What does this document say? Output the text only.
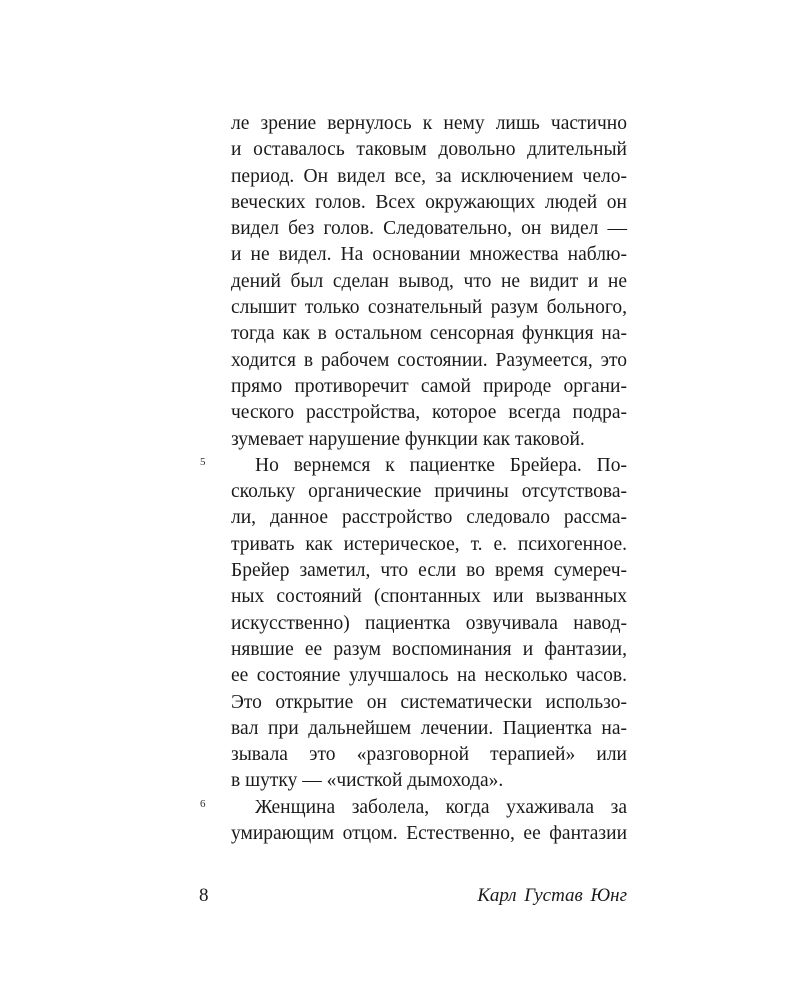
ле зрение вернулось к нему лишь частично
и оставалось таковым довольно длительный
период. Он видел все, за исключением чело-
веческих голов. Всех окружающих людей он
видел без голов. Следовательно, он видел —
и не видел. На основании множества наблю-
дений был сделан вывод, что не видит и не
слышит только сознательный разум больного,
тогда как в остальном сенсорная функция на-
ходится в рабочем состоянии. Разумеется, это
прямо противоречит самой природе органи-
ческого расстройства, которое всегда подра-
зумевает нарушение функции как таковой.
5	Но вернемся к пациентке Брейера. По-
скольку органические причины отсутствова-
ли, данное расстройство следовало рассма-
тривать как истерическое, т. е. психогенное.
Брейер заметил, что если во время сумереч-
ных состояний (спонтанных или вызванных
искусственно) пациентка озвучивала навод-
нявшие ее разум воспоминания и фантазии,
ее состояние улучшалось на несколько часов.
Это открытие он систематически использо-
вал при дальнейшем лечении. Пациентка на-
зывала это «разговорной терапией» или
в шутку — «чисткой дымохода».
6	Женщина заболела, когда ухаживала за
умирающим отцом. Естественно, ее фантазии
8	Карл Густав Юнг
